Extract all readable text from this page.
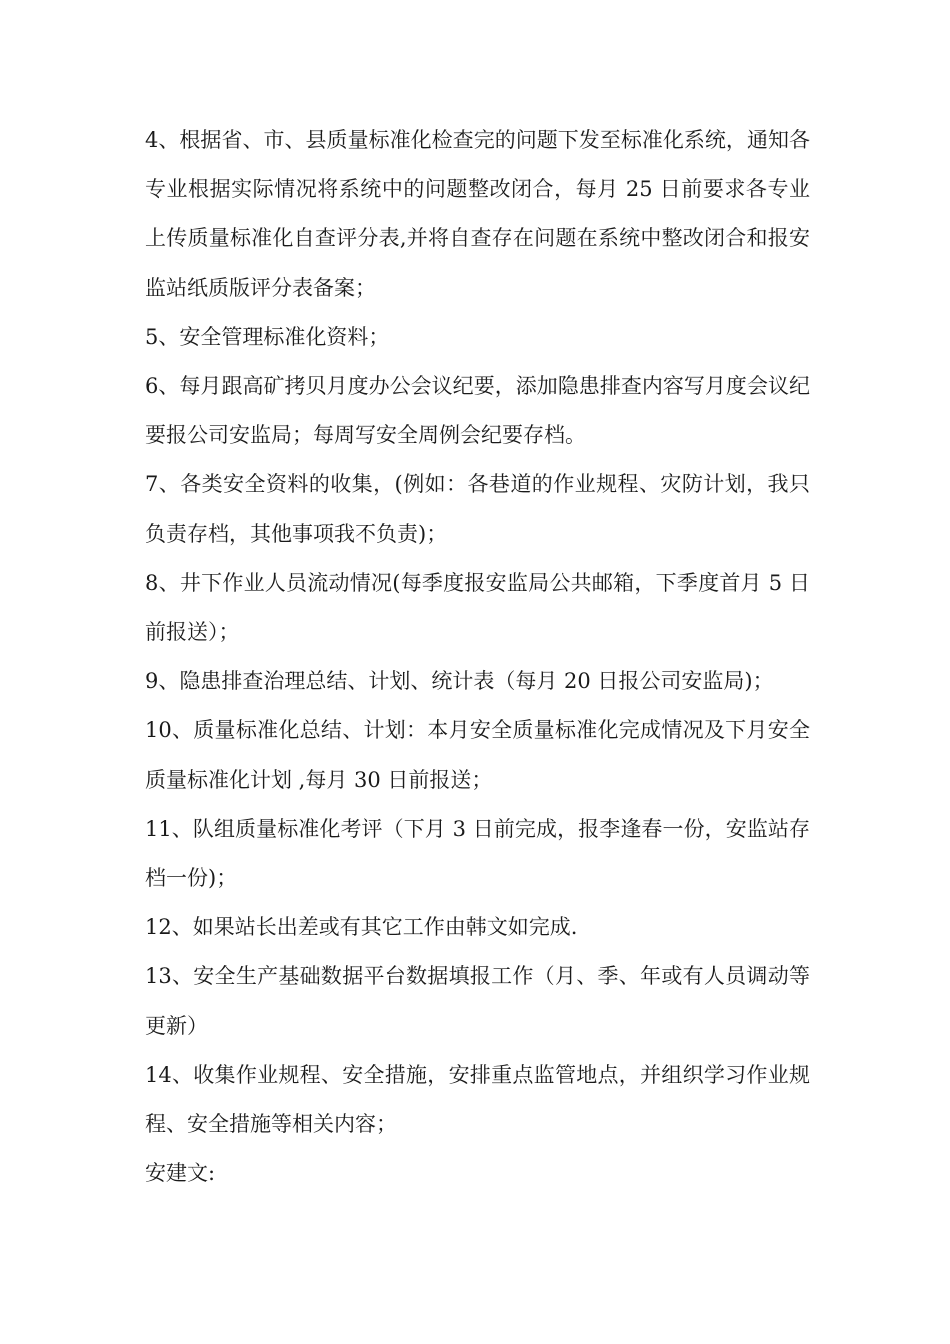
4、根据省、市、县质量标准化检查完的问题下发至标准化系统，通知各专业根据实际情况将系统中的问题整改闭合，每月 25 日前要求各专业上传质量标准化自查评分表,并将自查存在问题在系统中整改闭合和报安监站纸质版评分表备案；

5、安全管理标准化资料；

6、每月跟高矿拷贝月度办公会议纪要，添加隐患排查内容写月度会议纪要报公司安监局；每周写安全周例会纪要存档。

7、各类安全资料的收集，(例如：各巷道的作业规程、灾防计划，我只负责存档，其他事项我不负责)；

8、井下作业人员流动情况(每季度报安监局公共邮箱，下季度首月 5 日前报送）；

9、隐患排查治理总结、计划、统计表（每月 20 日报公司安监局)；

10、质量标准化总结、计划：本月安全质量标准化完成情况及下月安全质量标准化计划 ,每月 30 日前报送；

11、队组质量标准化考评（下月 3 日前完成，报李逢春一份，安监站存档一份)；

12、如果站长出差或有其它工作由韩文如完成.

13、安全生产基础数据平台数据填报工作（月、季、年或有人员调动等更新）

14、收集作业规程、安全措施，安排重点监管地点，并组织学习作业规程、安全措施等相关内容；

安建文:
